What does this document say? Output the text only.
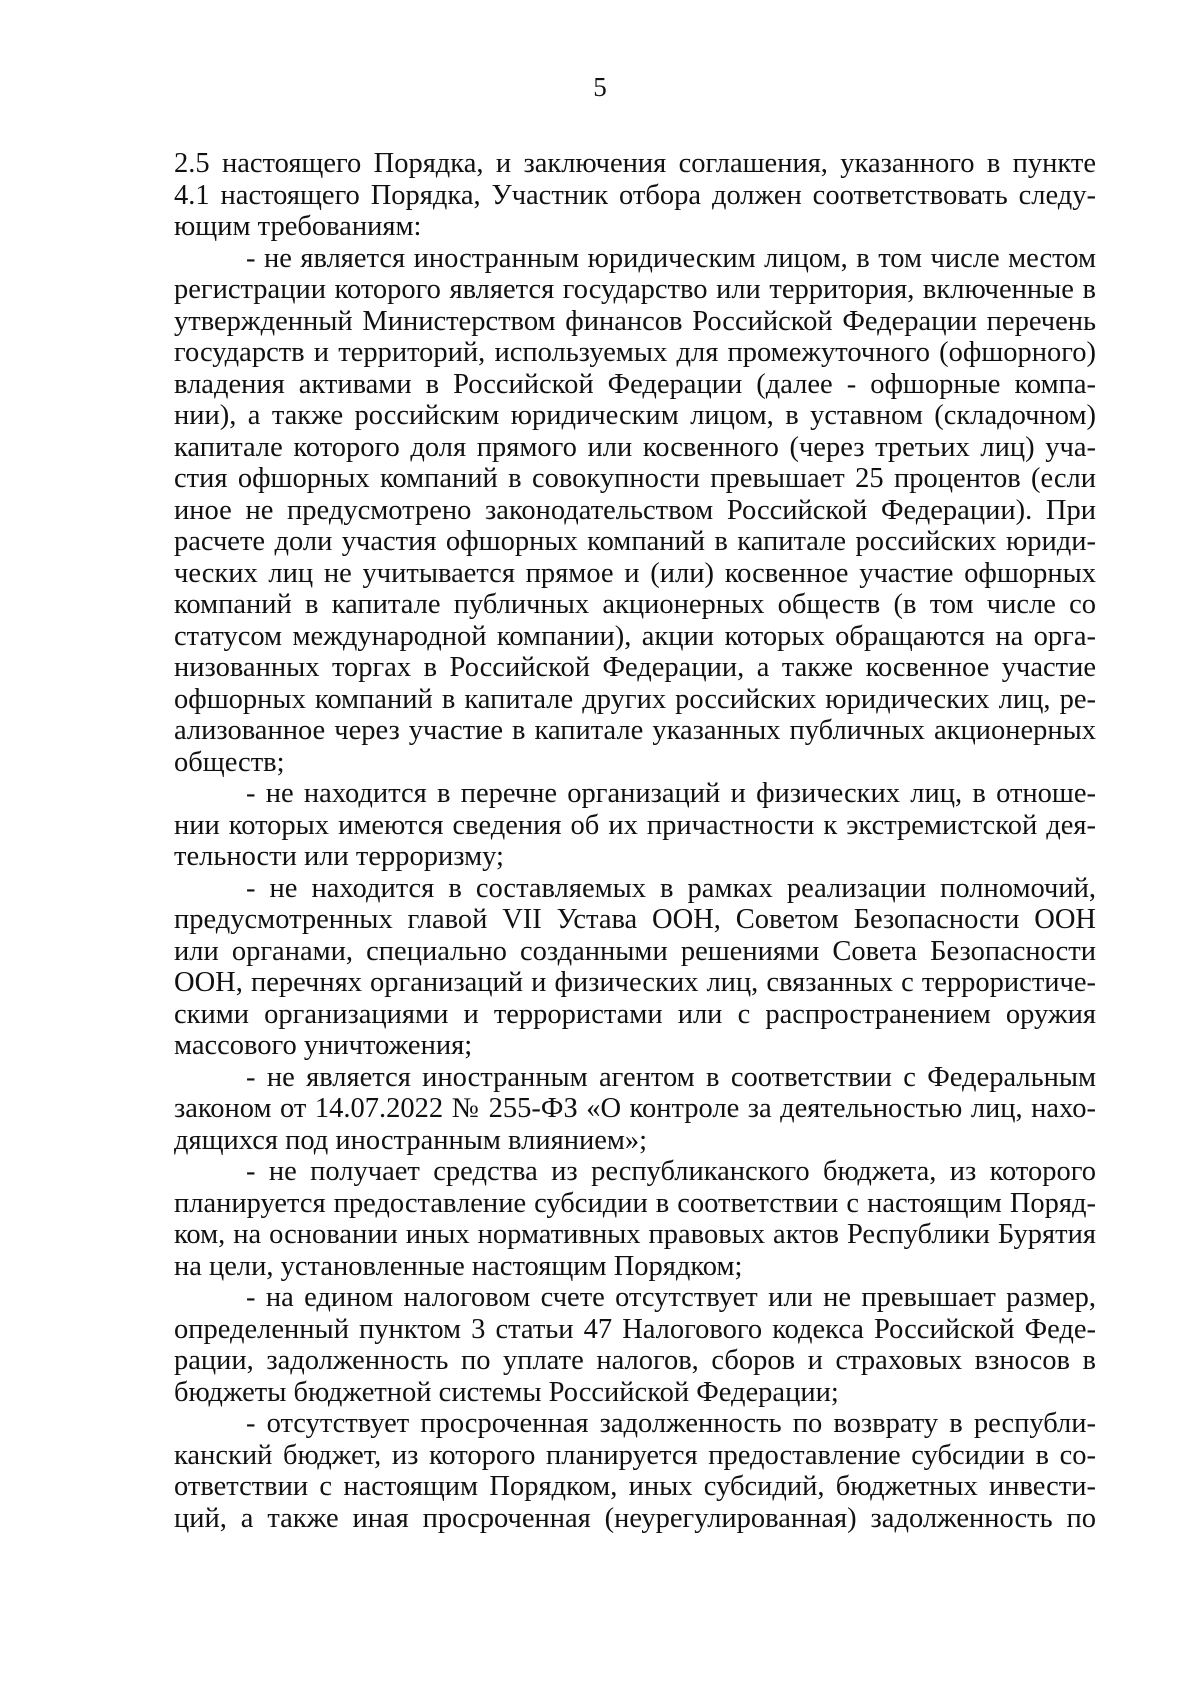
5
2.5 настоящего Порядка, и заключения соглашения, указанного в пункте
4.1 настоящего Порядка, Участник отбора должен соответствовать следу-
ющим требованиям:
- не является иностранным юридическим лицом, в том числе местом
регистрации которого является государство или территория, включенные в
утвержденный Министерством финансов Российской Федерации перечень
государств и территорий, используемых для промежуточного (офшорного)
владения активами в Российской Федерации (далее - офшорные компа-
нии), а также российским юридическим лицом, в уставном (складочном)
капитале которого доля прямого или косвенного (через третьих лиц) уча-
стия офшорных компаний в совокупности превышает 25 процентов (если
иное не предусмотрено законодательством Российской Федерации). При
расчете доли участия офшорных компаний в капитале российских юриди-
ческих лиц не учитывается прямое и (или) косвенное участие офшорных
компаний в капитале публичных акционерных обществ (в том числе со
статусом международной компании), акции которых обращаются на орга-
низованных торгах в Российской Федерации, а также косвенное участие
офшорных компаний в капитале других российских юридических лиц, ре-
ализованное через участие в капитале указанных публичных акционерных
обществ;
- не находится в перечне организаций и физических лиц, в отноше-
нии которых имеются сведения об их причастности к экстремистской дея-
тельности или терроризму;
- не находится в составляемых в рамках реализации полномочий,
предусмотренных главой VII Устава ООН, Советом Безопасности ООН
или органами, специально созданными решениями Совета Безопасности
ООН, перечнях организаций и физических лиц, связанных с террористиче-
скими организациями и террористами или с распространением оружия
массового уничтожения;
- не является иностранным агентом в соответствии с Федеральным
законом от 14.07.2022 № 255-ФЗ «О контроле за деятельностью лиц, нахо-
дящихся под иностранным влиянием»;
- не получает средства из республиканского бюджета, из которого
планируется предоставление субсидии в соответствии с настоящим Поряд-
ком, на основании иных нормативных правовых актов Республики Бурятия
на цели, установленные настоящим Порядком;
- на едином налоговом счете отсутствует или не превышает размер,
определенный пунктом 3 статьи 47 Налогового кодекса Российской Феде-
рации, задолженность по уплате налогов, сборов и страховых взносов в
бюджеты бюджетной системы Российской Федерации;
- отсутствует просроченная задолженность по возврату в республи-
канский бюджет, из которого планируется предоставление субсидии в со-
ответствии с настоящим Порядком, иных субсидий, бюджетных инвести-
ций, а также иная просроченная (неурегулированная) задолженность по
